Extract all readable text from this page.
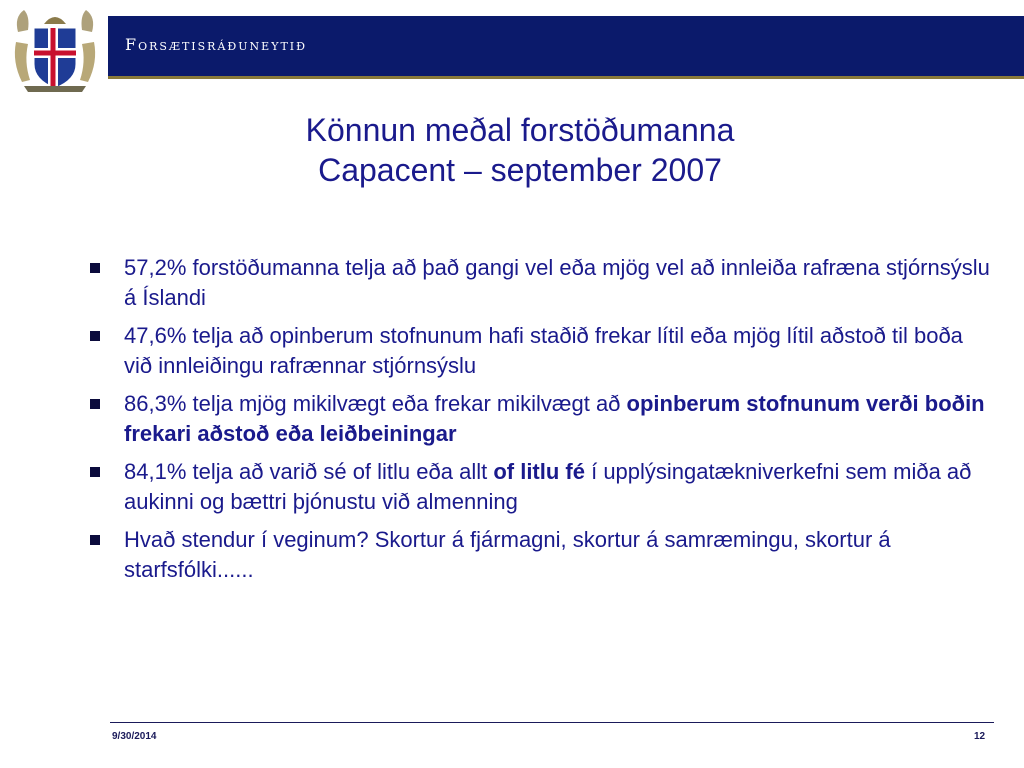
Forsætisráðuneytið
Könnun meðal forstöðumanna
Capacent – september 2007
57,2% forstöðumanna telja að það gangi vel eða mjög vel að innleiða rafræna stjórnsýslu á Íslandi
47,6% telja að opinberum stofnunum hafi staðið frekar lítil eða mjög lítil aðstoð til boða við innleiðingu rafrænnar stjórnsýslu
86,3% telja mjög mikilvægt eða frekar mikilvægt að opinberum stofnunum verði boðin frekari aðstoð eða leiðbeiningar
84,1% telja að varið sé of litlu eða allt of litlu fé í upplýsingatækniverkefni sem miða að aukinni og bættri þjónustu við almenning
Hvað stendur í veginum? Skortur á fjármagni, skortur á samræmingu, skortur á starfsfólki......
9/30/2014	12
